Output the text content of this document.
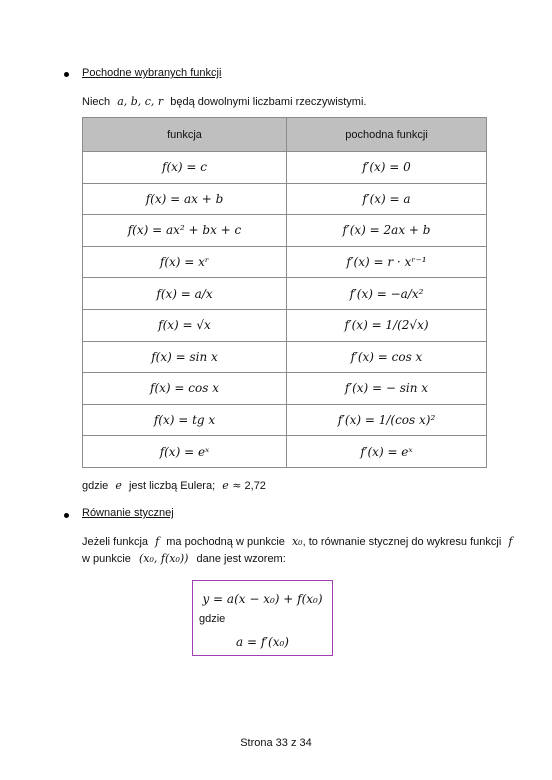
Pochodne wybranych funkcji
Niech a, b, c, r będą dowolnymi liczbami rzeczywistymi.
funkcja	pochodna funkcji
f(x) = c	f′(x) = 0
f(x) = ax + b	f′(x) = a
f(x) = ax² + bx + c	f′(x) = 2ax + b
f(x) = xʳ	f′(x) = r · xʳ⁻¹
f(x) = a/x	f′(x) = −a/x²
f(x) = √x	f′(x) = 1/(2√x)
f(x) = sin x	f′(x) = cos x
f(x) = cos x	f′(x) = − sin x
f(x) = tg x	f′(x) = 1/(cos x)²
f(x) = eˣ	f′(x) = eˣ
gdzie e jest liczbą Eulera; e ≈ 2,72
Równanie stycznej
Jeżeli funkcja f ma pochodną w punkcie x₀, to równanie stycznej do wykresu funkcji f
w punkcie (x₀, f(x₀)) dane jest wzorem:
y = a(x − x₀) + f(x₀)
gdzie
a = f′(x₀)
Strona 33 z 34
